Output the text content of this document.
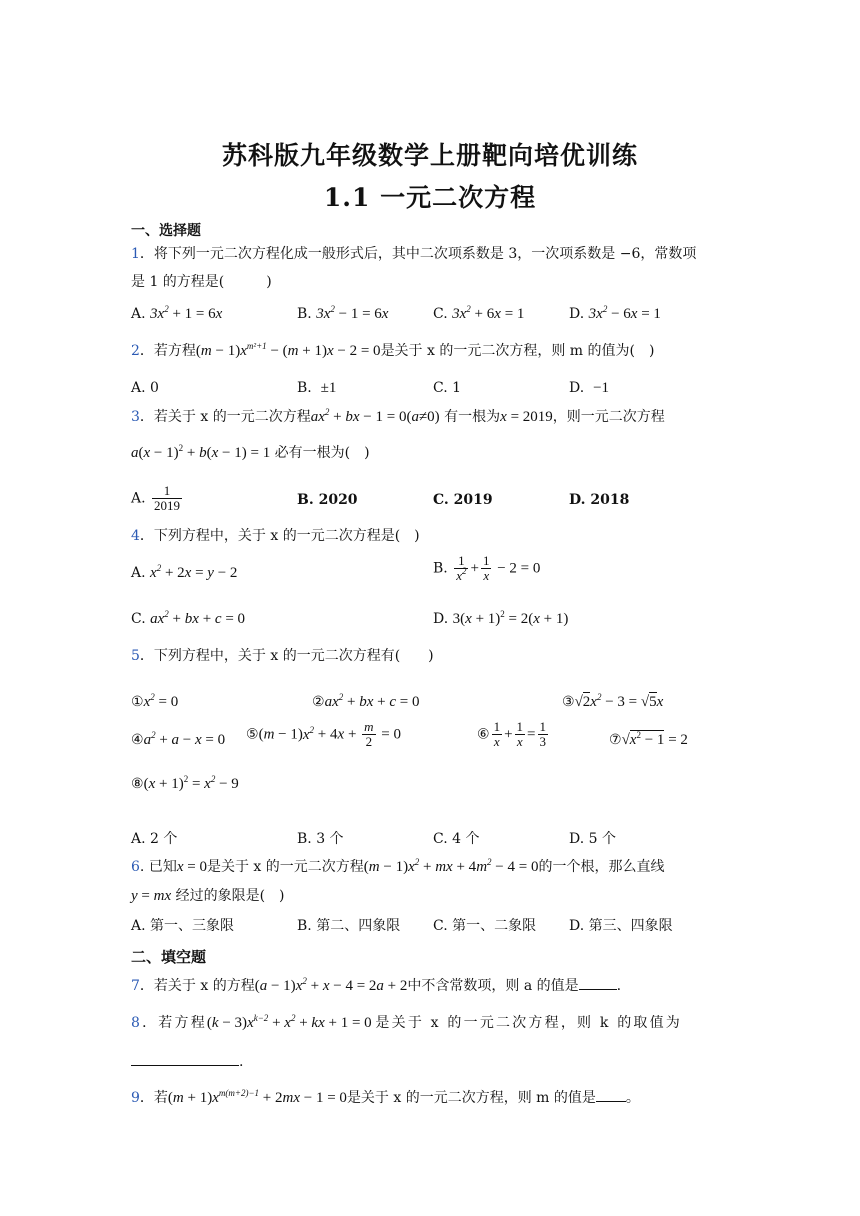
苏科版九年级数学上册靶向培优训练
1.1 一元二次方程
一、选择题
1．将下列一元二次方程化成一般形式后，其中二次项系数是 3，一次项系数是 −6，常数项
是 1 的方程是(　　　)
A. $3x^2 + 1 = 6x$	B. $3x^2 - 1 = 6x$	C. $3x^2 + 6x = 1$	D. $3x^2 - 6x = 1$
2．若方程$(m - 1)x^{m^2+1} - (m + 1)x - 2 = 0$是关于 x 的一元二次方程，则 m 的值为(　)
A. 0	B. ±1	C. 1	D. −1
3．若关于 x 的一元二次方程$ax^2$ + bx − 1 = 0(a≠0) 有一根为x = 2019，则一元二次方程
$a(x - 1)^2 + b(x - 1) = 1$ 必有一根为(　)
A. $\frac{1}{2019}$	B. 2020	C. 2019	D. 2018
4．下列方程中，关于 x 的一元二次方程是(　)
A. $x^2 + 2x = y - 2$	B. $\frac{1}{x^2} + \frac{1}{x} - 2 = 0$
C. $ax^2$ + bx + c = 0	D. $3(x + 1)^2 = 2(x + 1)$
5．下列方程中，关于 x 的一元二次方程有(　　)
$①x^2 = 0$	$②ax^2$ + bx + c = 0	$③√2x^2 - 3 = √5x$
$④a^2 + a - x = 0$ ⑤(m − $1)x^2 + 4x + \frac{m}{2} = 0$	⑥ $\frac{1}{x} + \frac{1}{x} = \frac{1}{3}$	$⑦√x^2 - 1 = 2$
⑧(x + $1)^2 = x^2 - 9$
A. 2 个	B. 3 个	C. 4 个	D. 5 个
6. 已知x = 0是关于 x 的一元二次方程$(m - 1)x^2$ + mx + $4m^2 - 4 = 0$的一个根，那么直线
y = mx 经过的象限是(　)
A. 第一、三象限	B. 第二、四象限 C. 第一、二象限 D. 第三、四象限
二、填空题
7．若关于 x 的方程$(a - 1)x^2 + x - 4 = 2a + 2$中不含常数项，则 a 的值是	.
8．若方程$(k - 3)x^{k-2} + x^2$ + kx + 1 = 0 是关于 x 的一元二次方程，则 k 的取值为
.
9．若$(m + 1)x^{m(m+2)-1} + 2mx - 1 = 0$是关于 x 的一元二次方程，则 m 的值是 。
